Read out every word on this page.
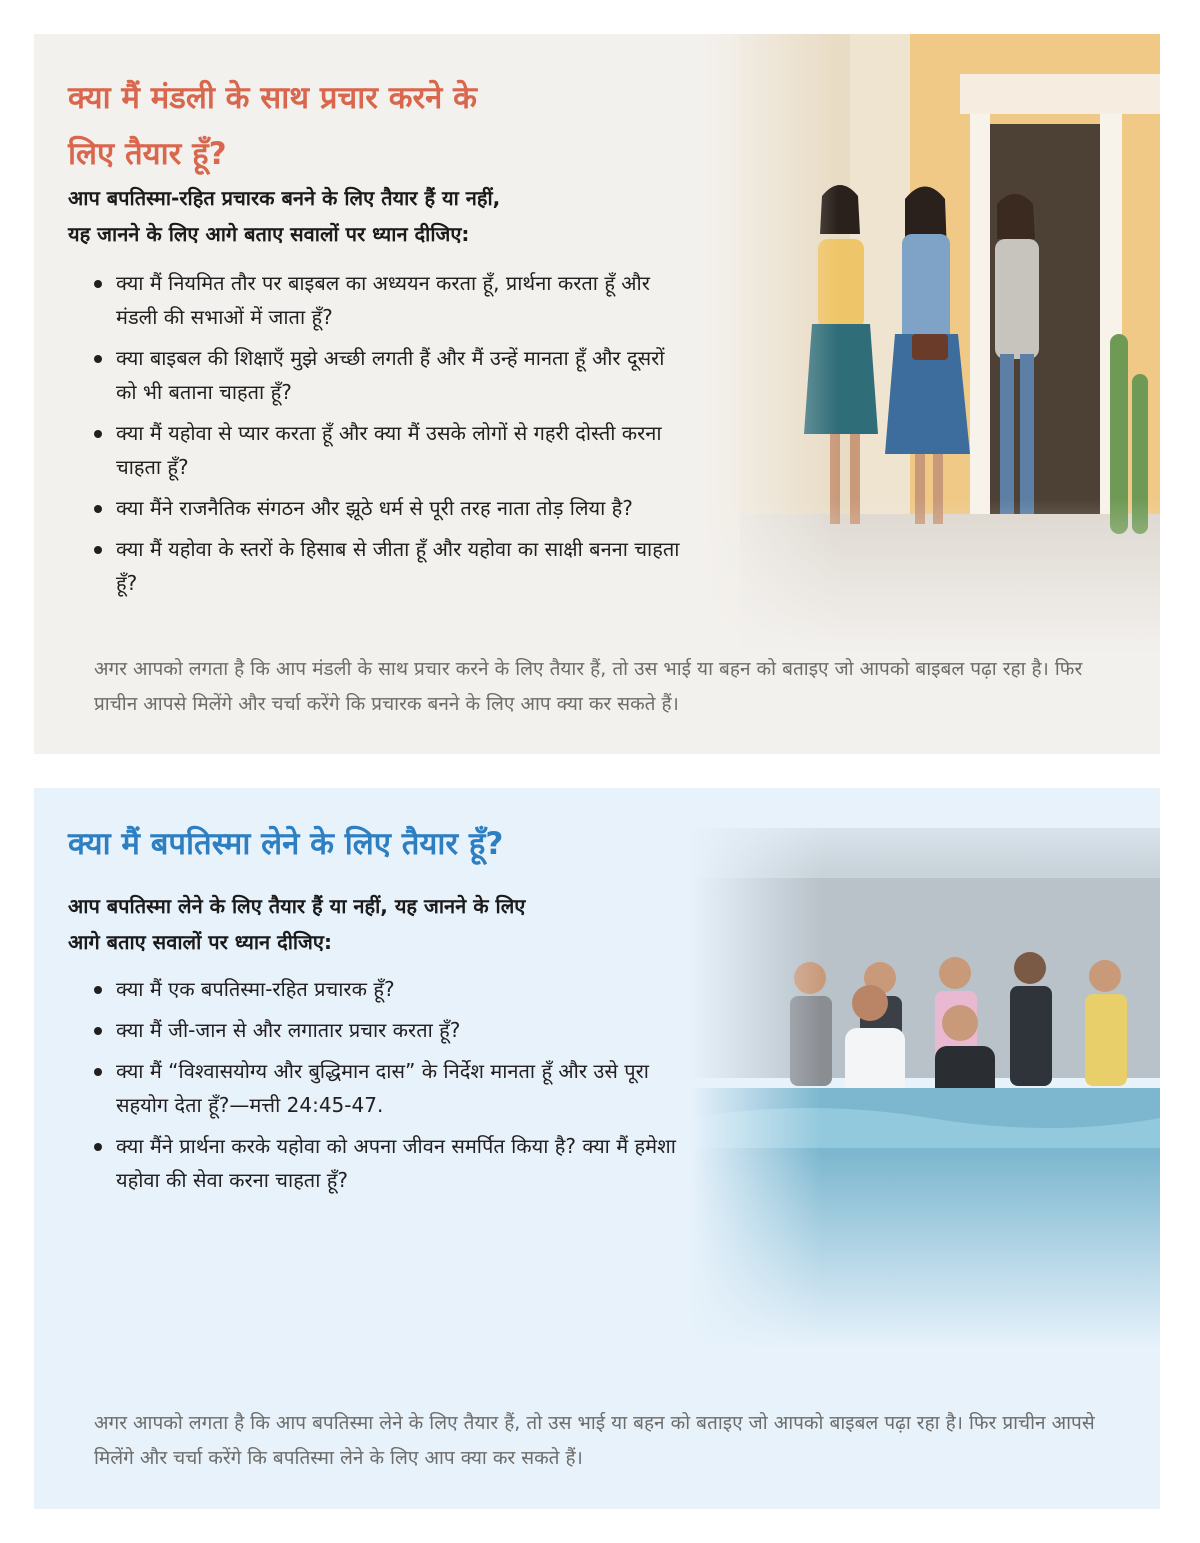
क्या मैं मंडली के साथ प्रचार करने के लिए तैयार हूँ?

आप बपतिस्मा-रहित प्रचारक बनने के लिए तैयार हैं या नहीं,

यह जानने के लिए आगे बताए सवालों पर ध्यान दीजिए:

क्या मैं नियमित तौर पर बाइबल का अध्ययन करता हूँ, प्रार्थना करता हूँ और मंडली की सभाओं में जाता हूँ?
क्या बाइबल की शिक्षाएँ मुझे अच्छी लगती हैं और मैं उन्हें मानता हूँ और दूसरों को भी बताना चाहता हूँ?
क्या मैं यहोवा से प्यार करता हूँ और क्या मैं उसके लोगों से गहरी दोस्ती करना चाहता हूँ?
क्या मैंने राजनैतिक संगठन और झूठे धर्म से पूरी तरह नाता तोड़ लिया है?
क्या मैं यहोवा के स्तरों के हिसाब से जीता हूँ और यहोवा का साक्षी बनना चाहता हूँ?

अगर आपको लगता है कि आप मंडली के साथ प्रचार करने के लिए तैयार हैं, तो उस भाई या बहन को बताइए जो आपको बाइबल पढ़ा रहा है। फिर प्राचीन आपसे मिलेंगे और चर्चा करेंगे कि प्रचारक बनने के लिए आप क्या कर सकते हैं।

क्या मैं बपतिस्मा लेने के लिए तैयार हूँ?

आप बपतिस्मा लेने के लिए तैयार हैं या नहीं, यह जानने के लिए

आगे बताए सवालों पर ध्यान दीजिए:

क्या मैं एक बपतिस्मा-रहित प्रचारक हूँ?
क्या मैं जी-जान से और लगातार प्रचार करता हूँ?
क्या मैं “विश्वासयोग्य और बुद्धिमान दास” के निर्देश मानता हूँ और उसे पूरा सहयोग देता हूँ?—मत्ती 24:45-47.
क्या मैंने प्रार्थना करके यहोवा को अपना जीवन समर्पित किया है? क्या मैं हमेशा यहोवा की सेवा करना चाहता हूँ?

अगर आपको लगता है कि आप बपतिस्मा लेने के लिए तैयार हैं, तो उस भाई या बहन को बताइए जो आपको बाइबल पढ़ा रहा है। फिर प्राचीन आपसे मिलेंगे और चर्चा करेंगे कि बपतिस्मा लेने के लिए आप क्या कर सकते हैं।
